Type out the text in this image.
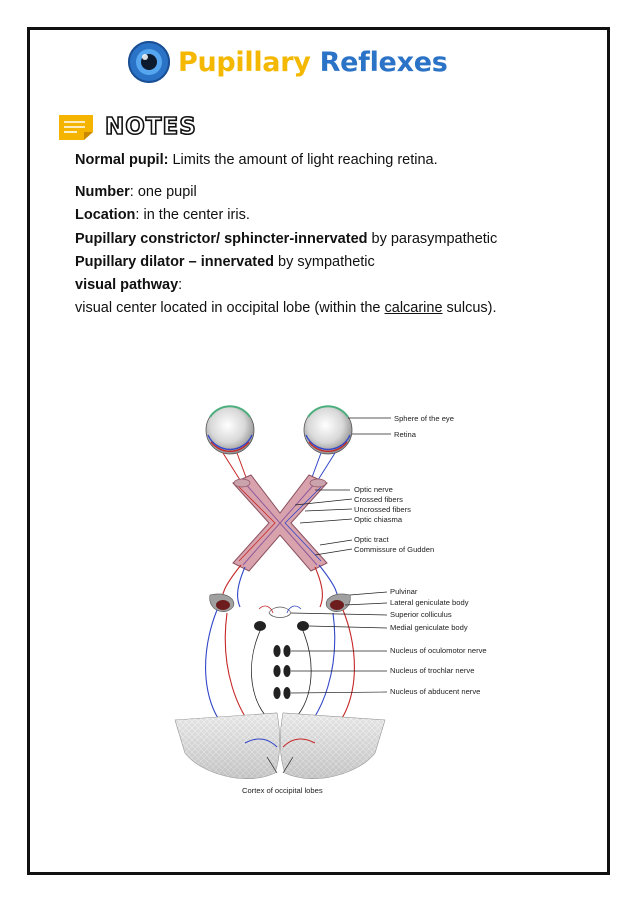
Pupillary
Reflexes
NOTES
Normal pupil: Limits the amount of light reaching retina.
Number: one pupil
Location: in the center iris.
Pupillary constrictor/ sphincter-innervated by parasympathetic
Pupillary dilator – innervated by sympathetic
visual pathway:
visual center located in occipital lobe (within the calcarine sulcus).
Sphere of the eye
Retina
Optic nerve
Crossed fibers
Uncrossed fibers
Optic chiasma
Optic tract
Commissure of Gudden
Pulvinar
Lateral geniculate body
Superior colliculus
Medial geniculate body
Nucleus of oculomotor nerve
Nucleus of trochlar nerve
Nucleus of abducent nerve
Cortex of occipital lobes
